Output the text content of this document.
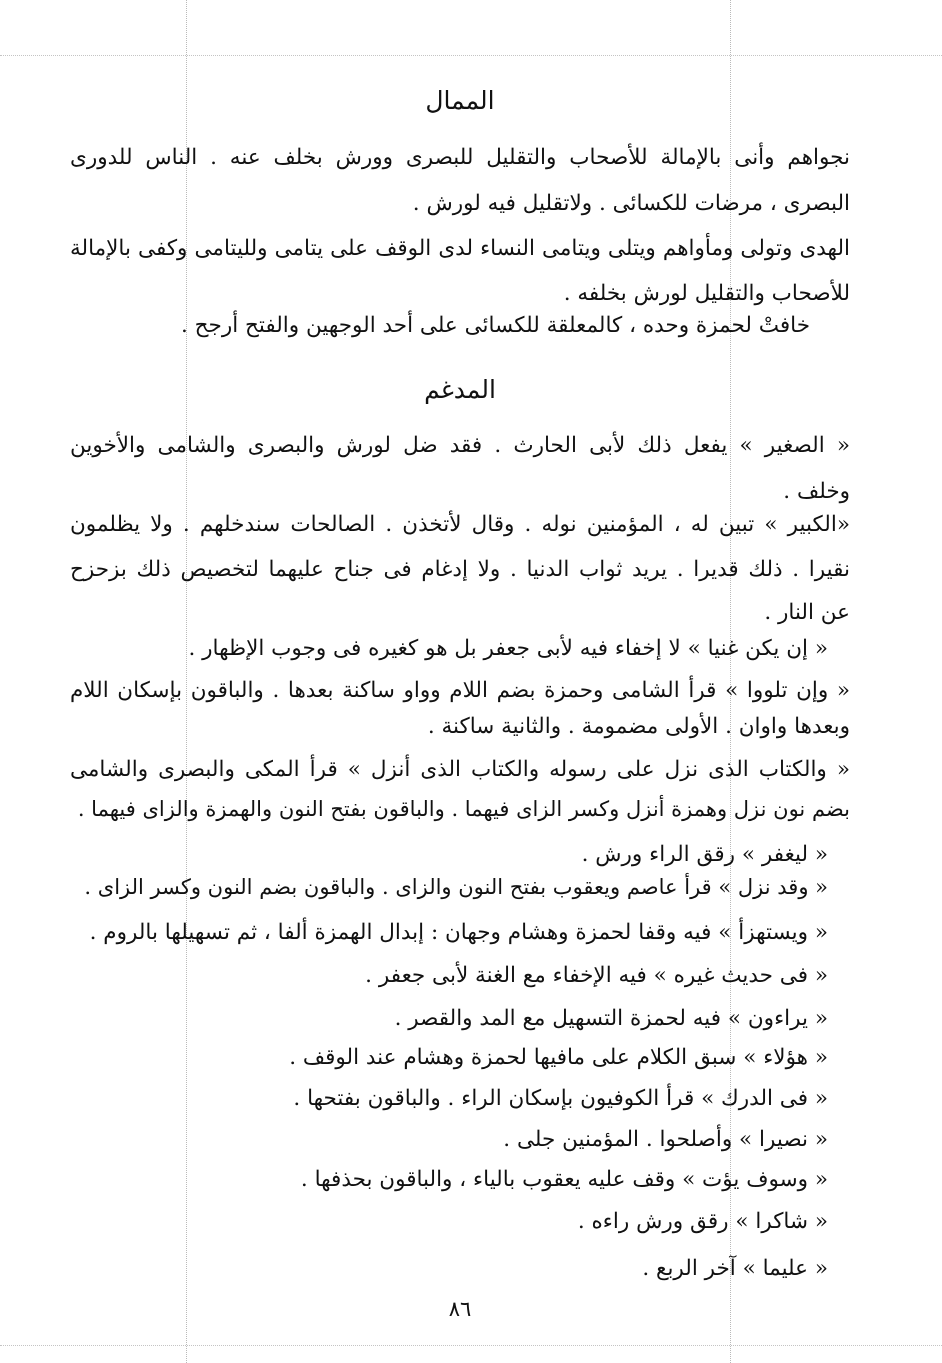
الممال
نجواهم وأنى بالإمالة للأصحاب والتقليل للبصرى وورش بخلف عنه . الناس للدورى
البصرى ، مرضات للكسائى . ولاتقليل فيه لورش .
الهدى وتولى ومأواهم ويتلى ويتامى النساء لدى الوقف على يتامى ولليتامى وكفى بالإمالة
للأصحاب والتقليل لورش بخلفه .
خافتْ لحمزة وحده ، كالمعلقة للكسائى على أحد الوجهين والفتح أرجح .
المدغم
« الصغير » يفعل ذلك لأبى الحارث . فقد ضل لورش والبصرى والشامى والأخوين
وخلف .
«الكبير » تبين له ، المؤمنين نوله . وقال لأتخذن . الصالحات سندخلهم . ولا يظلمون
نقيرا . ذلك قديرا . يريد ثواب الدنيا . ولا إدغام فى جناح عليهما لتخصيص ذلك بزحزح
عن النار .
« إن يكن غنيا » لا إخفاء فيه لأبى جعفر بل هو كغيره فى وجوب الإظهار .
« وإن تلووا » قرأ الشامى وحمزة بضم اللام وواو ساكنة بعدها . والباقون بإسكان اللام
وبعدها واوان . الأولى مضمومة . والثانية ساكنة .
« والكتاب الذى نزل على رسوله والكتاب الذى أنزل » قرأ المكى والبصرى والشامى
بضم نون نزل وهمزة أنزل وكسر الزاى فيهما . والباقون بفتح النون والهمزة والزاى فيهما .
« ليغفر » رقق الراء ورش .
« وقد نزل » قرأ عاصم ويعقوب بفتح النون والزاى . والباقون بضم النون وكسر الزاى .
« ويستهزأ » فيه وقفا لحمزة وهشام وجهان : إبدال الهمزة ألفا ، ثم تسهيلها بالروم .
« فى حديث غيره » فيه الإخفاء مع الغنة لأبى جعفر .
« يراءون » فيه لحمزة التسهيل مع المد والقصر .
« هؤلاء » سبق الكلام على مافيها لحمزة وهشام عند الوقف .
« فى الدرك » قرأ الكوفيون بإسكان الراء . والباقون بفتحها .
« نصيرا » وأصلحوا . المؤمنين جلى .
« وسوف يؤت » وقف عليه يعقوب بالياء ، والباقون بحذفها .
« شاكرا » رقق ورش راءه .
« عليما » آخر الربع .
٨٦
